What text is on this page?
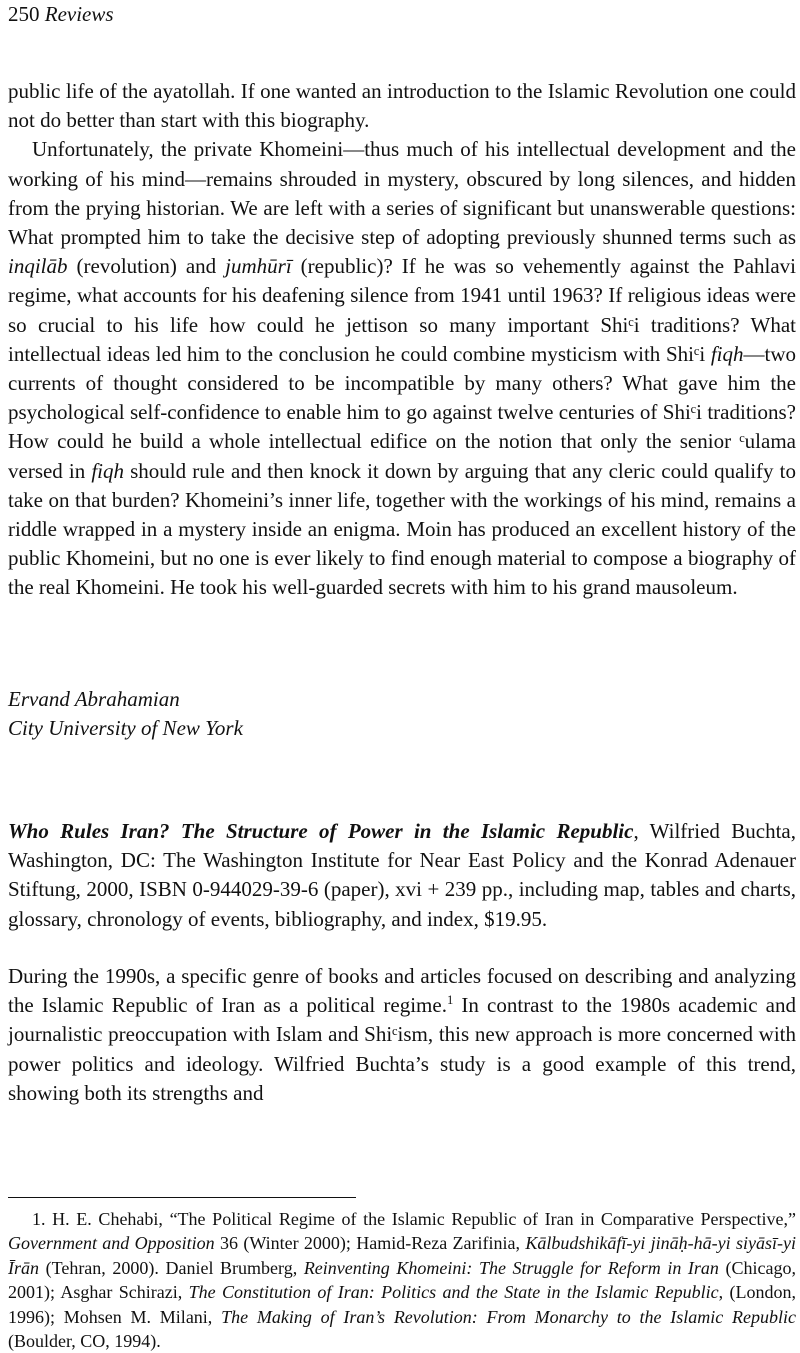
250 Reviews

public life of the ayatollah. If one wanted an introduction to the Islamic Revolution one could not do better than start with this biography.

Unfortunately, the private Khomeini—thus much of his intellectual development and the working of his mind—remains shrouded in mystery, obscured by long silences, and hidden from the prying historian. We are left with a series of significant but unanswerable questions: What prompted him to take the decisive step of adopting previously shunned terms such as inqilāb (revolution) and jumhūrī (republic)? If he was so vehemently against the Pahlavi regime, what accounts for his deafening silence from 1941 until 1963? If religious ideas were so crucial to his life how could he jettison so many important Shiᶜi traditions? What intellectual ideas led him to the conclusion he could combine mysticism with Shiᶜi fiqh—two currents of thought considered to be incompatible by many others? What gave him the psychological self-confidence to enable him to go against twelve centuries of Shiᶜi traditions? How could he build a whole intellectual edifice on the notion that only the senior ᶜulama versed in fiqh should rule and then knock it down by arguing that any cleric could qualify to take on that burden? Khomeini’s inner life, together with the workings of his mind, remains a riddle wrapped in a mystery inside an enigma. Moin has produced an excellent history of the public Khomeini, but no one is ever likely to find enough material to compose a biography of the real Khomeini. He took his well-guarded secrets with him to his grand mausoleum.

Ervand Abrahamian
City University of New York

Who Rules Iran? The Structure of Power in the Islamic Republic, Wilfried Buchta, Washington, DC: The Washington Institute for Near East Policy and the Konrad Adenauer Stiftung, 2000, ISBN 0-944029-39-6 (paper), xvi + 239 pp., including map, tables and charts, glossary, chronology of events, bibliography, and index, $19.95.

During the 1990s, a specific genre of books and articles focused on describing and analyzing the Islamic Republic of Iran as a political regime.$^1$ In contrast to the 1980s academic and journalistic preoccupation with Islam and Shiᶜism, this new approach is more concerned with power politics and ideology. Wilfried Buchta’s study is a good example of this trend, showing both its strengths and

1. H. E. Chehabi, “The Political Regime of the Islamic Republic of Iran in Comparative Perspective,” Government and Opposition 36 (Winter 2000); Hamid-Reza Zarifinia, Kālbudshikāfī-yi jināḥ-hā-yi siyāsī-yi Īrān (Tehran, 2000). Daniel Brumberg, Reinventing Khomeini: The Struggle for Reform in Iran (Chicago, 2001); Asghar Schirazi, The Constitution of Iran: Politics and the State in the Islamic Republic, (London, 1996); Mohsen M. Milani, The Making of Iran’s Revolution: From Monarchy to the Islamic Republic (Boulder, CO, 1994).
